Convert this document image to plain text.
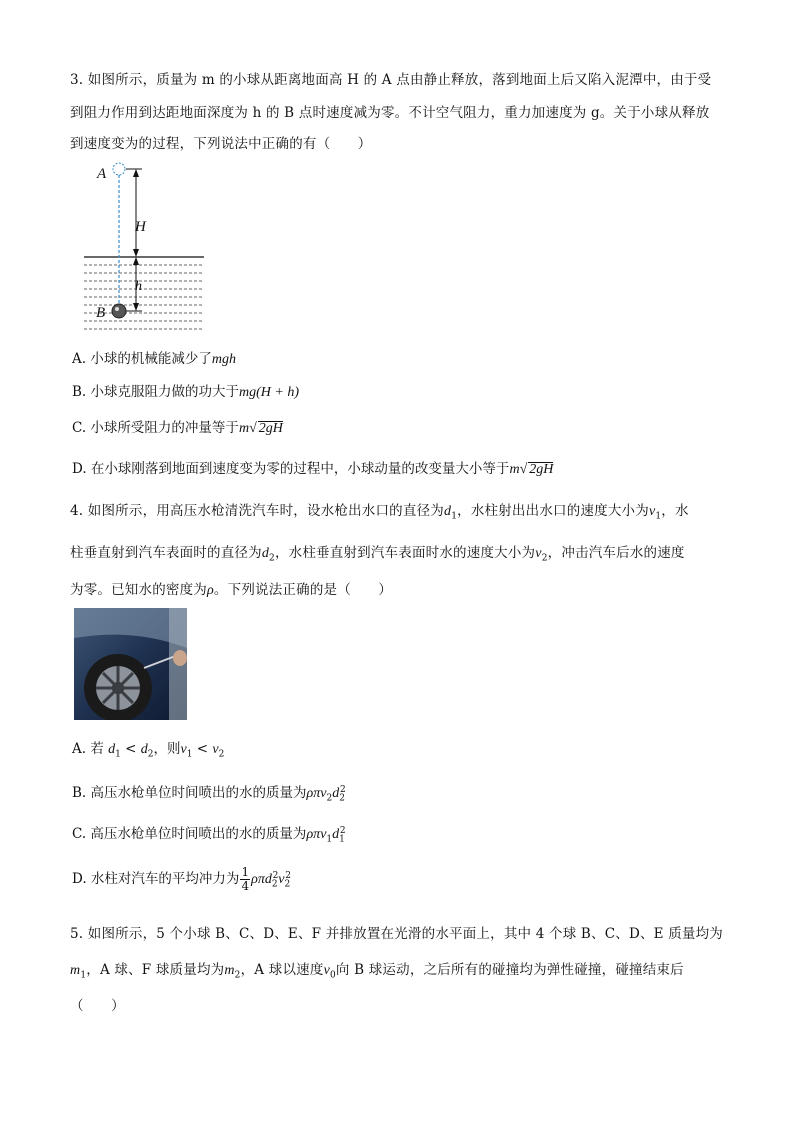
3. 如图所示，质量为 m 的小球从距离地面高 H 的 A 点由静止释放，落到地面上后又陷入泥潭中，由于受
到阻力作用到达距地面深度为 h 的 B 点时速度减为零。不计空气阻力，重力加速度为 g。关于小球从释放
到速度变为的过程，下列说法中正确的有（　　）
A
B
H
h
A. 小球的机械能减少了mgh
B. 小球克服阻力做的功大于mg(H + h)
C. 小球所受阻力的冲量等于m√ 2gH
D. 在小球刚落到地面到速度变为零的过程中，小球动量的改变量大小等于m√ 2gH
4. 如图所示，用高压水枪清洗汽车时，设水枪出水口的直径为$d_1$，水柱射出出水口的速度大小为$v_1$，水
柱垂直射到汽车表面时的直径为$d_2$，水柱垂直射到汽车表面时水的速度大小为$v_2$，冲击汽车后水的速度
为零。已知水的密度为ρ。下列说法正确的是（　　）
A. 若 $d_1 < d_2$，则$v_1 < v_2$
B. 高压水枪单位时间喷出的水的质量为$\rho\pi v_2d_2^2$
C. 高压水枪单位时间喷出的水的质量为$\rho\pi v_1d_1^2$
D. 水柱对汽车的平均冲力为 $\frac{1}{4} \rho\pi d_2^2v_2^2$
5. 如图所示，5 个小球 B、C、D、E、F 并排放置在光滑的水平面上，其中 4 个球 B、C、D、E 质量均为
$m_1$，A 球、F 球质量均为$m_2$，A 球以速度$v_0$向 B 球运动，之后所有的碰撞均为弹性碰撞，碰撞结束后
（　　）
